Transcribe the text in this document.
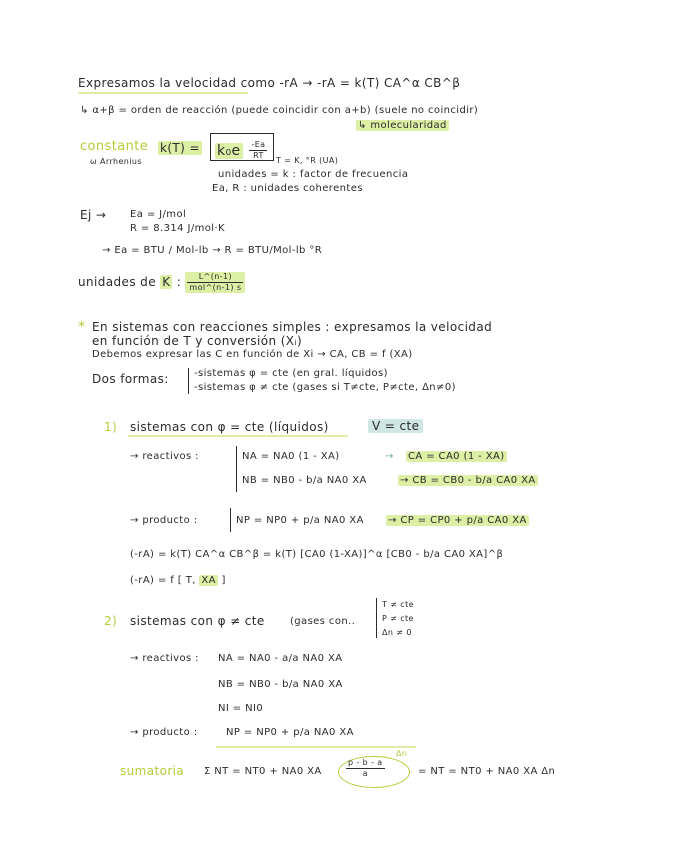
Expresamos la velocidad como -rA → -rA = k(T) CA^α CB^β
↳ α+β = orden de reacción (puede coincidir con a+b) (suele no coincidir)
↳ molecularidad
constante
ω Arrhenius
$k(T) = k_0e \frac{-Ea}{RT}$ T = K, °R (UA)
unidades = k : factor de frecuencia
Ea, R : unidades coherentes
Ej → Ea = J/mol
R = 8.314 J/mol·K
→ Ea = BTU / Mol-lb → R = BTU/Mol-lb °R
unidades de K : $\frac{L\^{}(n-1)}{\text{mol\textasciicircum{}(n-1) s}}$
* En sistemas con reacciones simples : expresamos la velocidad
en función de T y conversión (Xᵢ)
Debemos expresar las C en función de Xi → CA, CB = f (XA)
Dos formas:	-sistemas φ = cte (en gral. líquidos)
-sistemas φ ≠ cte (gases si T≠cte, P≠cte, Δn≠0)
1) sistemas con φ = cte (líquidos)	V = cte
→ reactivos :	NA = NA0 (1 - XA)	→ CA = CA0 (1 - XA)
NB = NB0 - b/a NA0 XA	→ CB = CB0 - b/a CA0 XA
→ producto :	NP = NP0 + p/a NA0 XA → CP = CP0 + p/a CA0 XA
(-rA) = k(T) CA^α CB^β = k(T) [CA0 (1-XA)]^α [CB0 - b/a CA0 XA]^β
(-rA) = f [ T, XA ]
2) sistemas con φ ≠ cte	(gases con..
T ≠ cte
P ≠ cte
Δn ≠ 0
→ reactivos : NA = NA0 - a/a NA0 XA
NB = NB0 - b/a NA0 XA
NI = NI0
→ producto :	NP = NP0 + p/a NA0 XA
sumatoria Σ NT = NT0 + NA0 XA	$\frac{p - b - a}{a}$
Δn
= NT = NT0 + NA0 XA Δn
